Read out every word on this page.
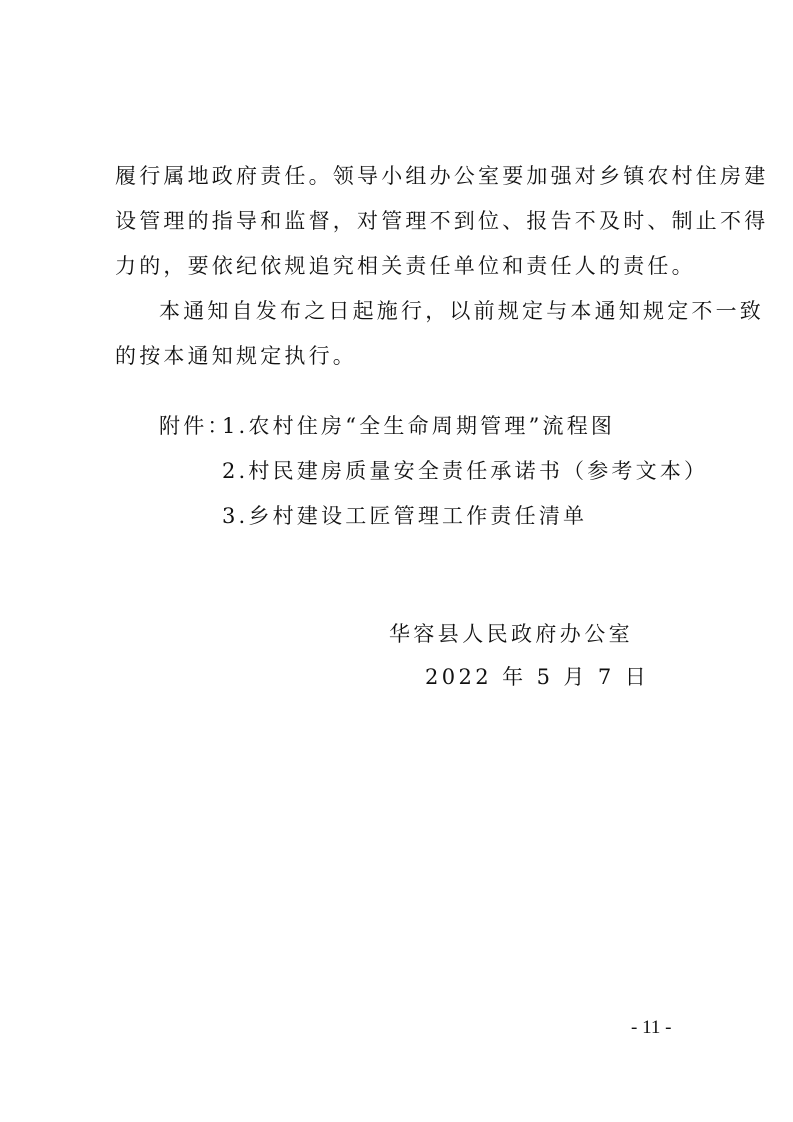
履行属地政府责任。领导小组办公室要加强对乡镇农村住房建
设管理的指导和监督，对管理不到位、报告不及时、制止不得
力的，要依纪依规追究相关责任单位和责任人的责任。
本通知自发布之日起施行，以前规定与本通知规定不一致
的按本通知规定执行。
附件：
1.农村住房“全生命周期管理”流程图
2.村民建房质量安全责任承诺书（参考文本）
3.乡村建设工匠管理工作责任清单
华容县人民政府办公室
2022 年 5 月 7 日
- 11 -
